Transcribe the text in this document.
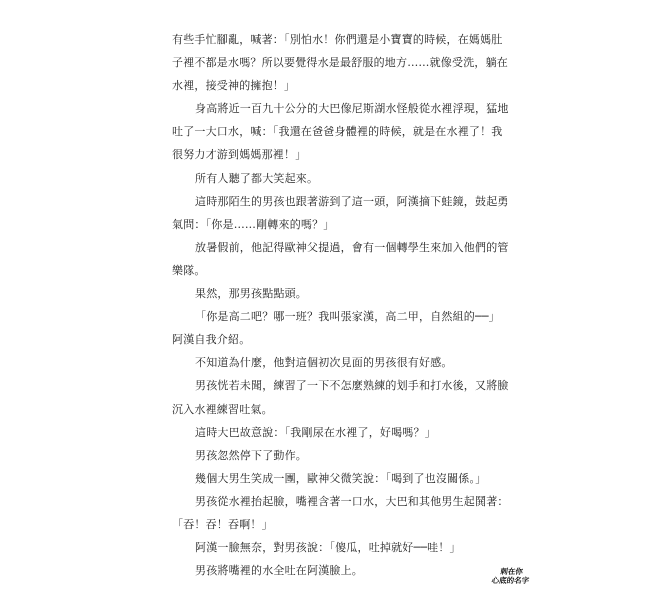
有些手忙腳亂，喊著：「別怕水！你們還是小寶寶的時候，在媽媽肚
子裡不都是水嗎？所以要覺得水是最舒服的地方……就像受洗，躺在
水裡，接受神的擁抱！」
身高將近一百九十公分的大巴像尼斯湖水怪般從水裡浮現，猛地
吐了一大口水，喊：「我還在爸爸身體裡的時候，就是在水裡了！我
很努力才游到媽媽那裡！」
所有人聽了都大笑起來。
這時那陌生的男孩也跟著游到了這一頭，阿漢摘下蛙鏡，鼓起勇
氣問：「你是……剛轉來的嗎？」
放暑假前，他記得歐神父提過，會有一個轉學生來加入他們的管
樂隊。
果然，那男孩點點頭。
「你是高二吧？哪一班？我叫張家漢，高二甲，自然組的──」
阿漢自我介紹。
不知道為什麼，他對這個初次見面的男孩很有好感。
男孩恍若未聞，練習了一下不怎麼熟練的划手和打水後，又將臉
沉入水裡練習吐氣。
這時大巴故意說：「我剛尿在水裡了，好喝嗎？」
男孩忽然停下了動作。
幾個大男生笑成一團，歐神父微笑說：「喝到了也沒關係。」
男孩從水裡抬起臉，嘴裡含著一口水，大巴和其他男生起鬨著：
「吞！吞！吞啊！」
阿漢一臉無奈，對男孩說：「傻瓜，吐掉就好──哇！」
男孩將嘴裡的水全吐在阿漢臉上。	刺在你
心底的名字
